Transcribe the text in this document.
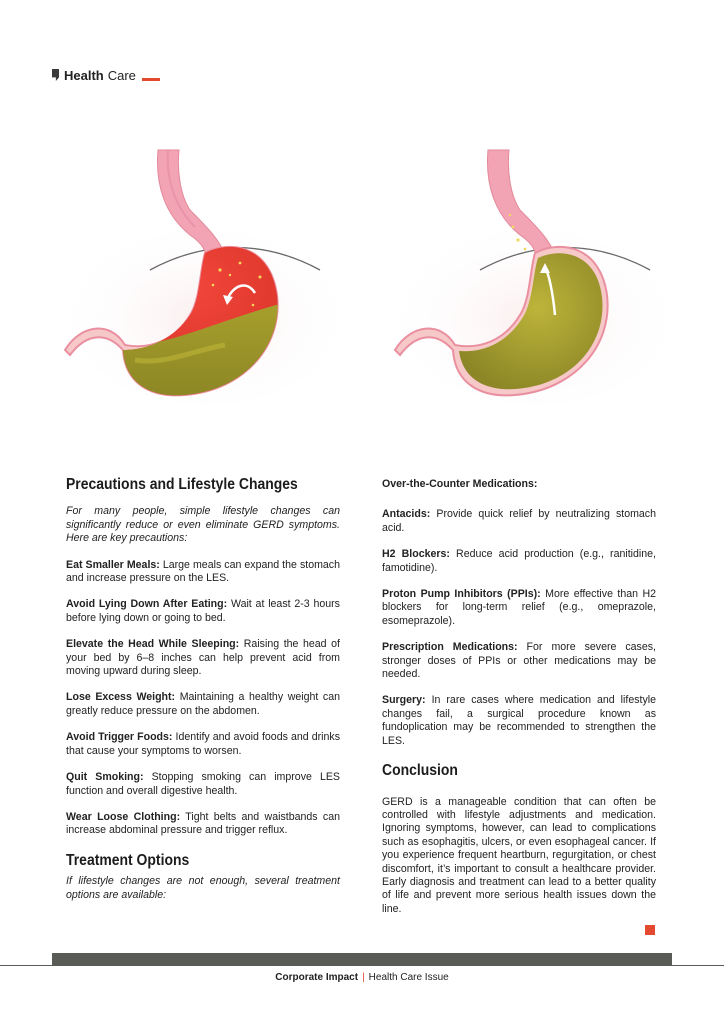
Health Care
Precautions and Lifestyle Changes

For many people, simple lifestyle changes can significantly reduce or even eliminate GERD symptoms. Here are key precautions:

Eat Smaller Meals: Large meals can expand the stomach and increase pressure on the LES.

Avoid Lying Down After Eating: Wait at least 2-3 hours before lying down or going to bed.

Elevate the Head While Sleeping: Raising the head of your bed by 6–8 inches can help prevent acid from moving upward during sleep.

Lose Excess Weight: Maintaining a healthy weight can greatly reduce pressure on the abdomen.

Avoid Trigger Foods: Identify and avoid foods and drinks that cause your symptoms to worsen.

Quit Smoking: Stopping smoking can improve LES function and overall digestive health.

Wear Loose Clothing: Tight belts and waistbands can increase abdominal pressure and trigger reflux.

Treatment Options

If lifestyle changes are not enough, several treatment options are available:

Over-the-Counter Medications:

Antacids: Provide quick relief by neutralizing stomach acid.

H2 Blockers: Reduce acid production (e.g., ranitidine, famotidine).

Proton Pump Inhibitors (PPIs): More effective than H2 blockers for long-term relief (e.g., omeprazole, esomeprazole).

Prescription Medications: For more severe cases, stronger doses of PPIs or other medications may be needed.

Surgery: In rare cases where medication and lifestyle changes fail, a surgical procedure known as fundoplication may be recommended to strengthen the LES.

Conclusion

GERD is a manageable condition that can often be controlled with lifestyle adjustments and medication. Ignoring symptoms, however, can lead to complications such as esophagitis, ulcers, or even esophageal cancer. If you experience frequent heartburn, regurgitation, or chest discomfort, it’s important to consult a healthcare provider. Early diagnosis and treatment can lead to a better quality of life and prevent more serious health issues down the line.

Corporate Impact | Health Care Issue
